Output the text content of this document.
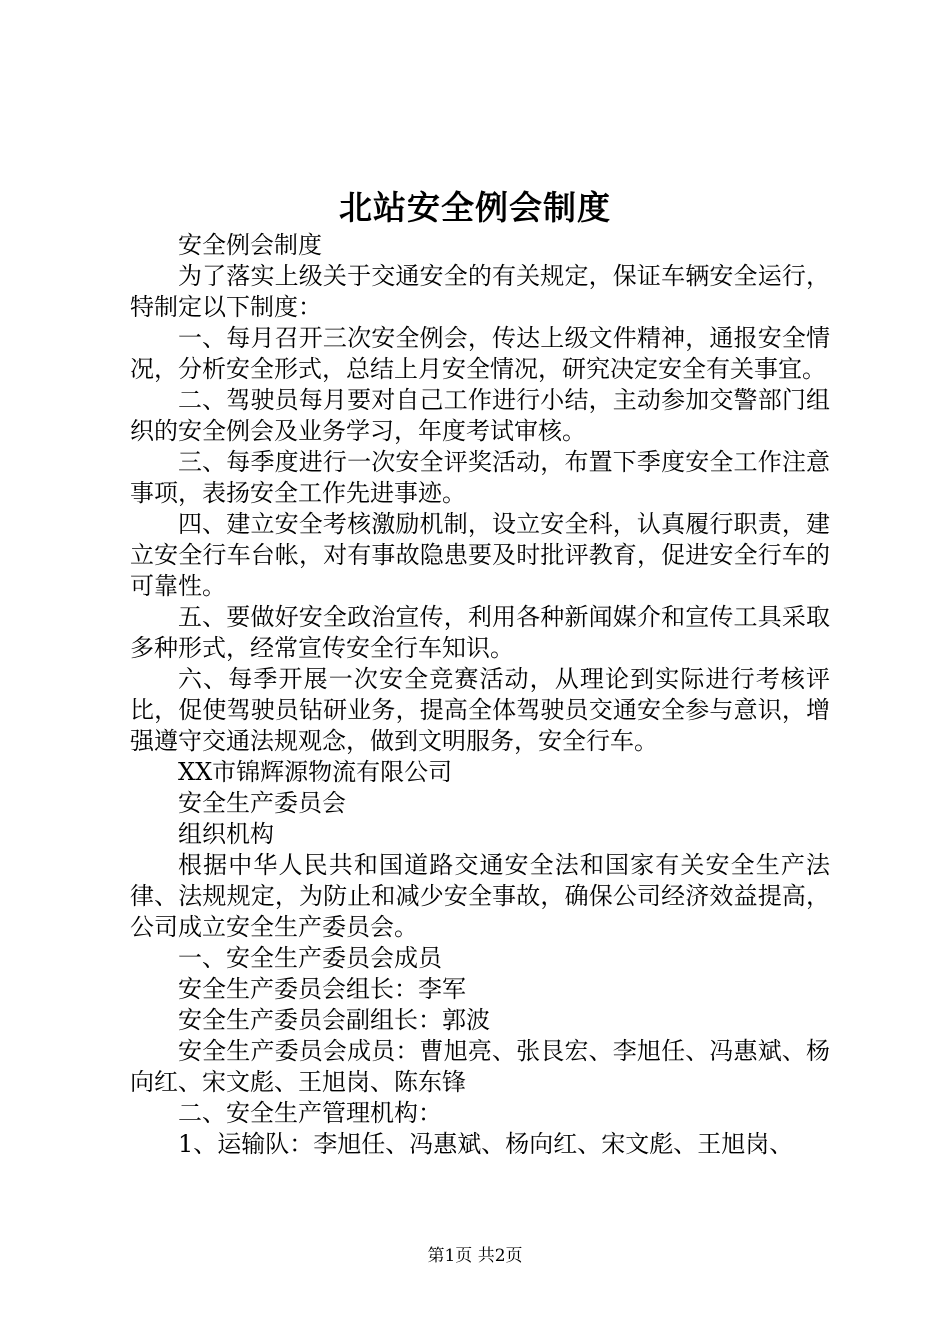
北站安全例会制度

安全例会制度

为了落实上级关于交通安全的有关规定，保证车辆安全运行，特制定以下制度：

一、每月召开三次安全例会，传达上级文件精神，通报安全情况，分析安全形式，总结上月安全情况，研究决定安全有关事宜。

二、驾驶员每月要对自己工作进行小结，主动参加交警部门组织的安全例会及业务学习，年度考试审核。

三、每季度进行一次安全评奖活动，布置下季度安全工作注意事项，表扬安全工作先进事迹。

四、建立安全考核激励机制，设立安全科，认真履行职责，建立安全行车台帐，对有事故隐患要及时批评教育，促进安全行车的可靠性。

五、要做好安全政治宣传，利用各种新闻媒介和宣传工具采取多种形式，经常宣传安全行车知识。

六、每季开展一次安全竞赛活动，从理论到实际进行考核评比，促使驾驶员钻研业务，提高全体驾驶员交通安全参与意识，增强遵守交通法规观念，做到文明服务，安全行车。

XX市锦辉源物流有限公司

安全生产委员会

组织机构

根据中华人民共和国道路交通安全法和国家有关安全生产法律、法规规定，为防止和减少安全事故，确保公司经济效益提高，公司成立安全生产委员会。

一、安全生产委员会成员

安全生产委员会组长：李军

安全生产委员会副组长：郭波

安全生产委员会成员：曹旭亮、张艮宏、李旭任、冯惠斌、杨向红、宋文彪、王旭岗、陈东锋

二、安全生产管理机构：

1、运输队：李旭任、冯惠斌、杨向红、宋文彪、王旭岗、

第1页 共2页
